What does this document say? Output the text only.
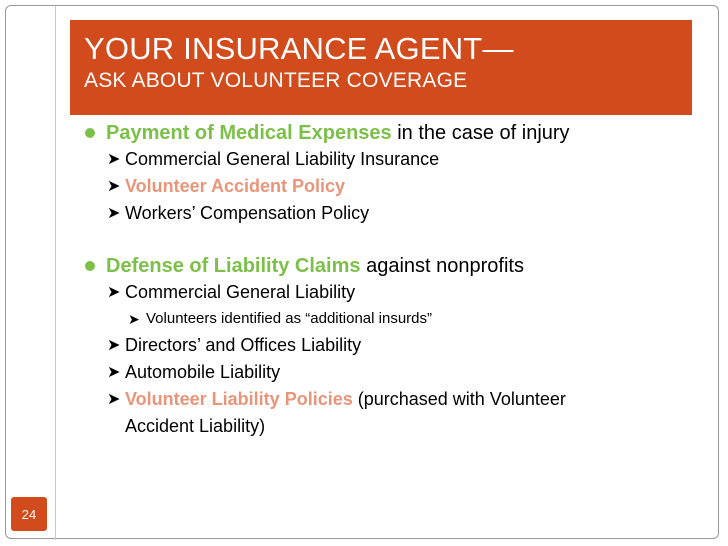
YOUR INSURANCE AGENT—
ASK ABOUT VOLUNTEER COVERAGE
Payment of Medical Expenses in the case of injury
➤ Commercial General Liability Insurance
➤ Volunteer Accident Policy
➤ Workers’ Compensation Policy
Defense of Liability Claims against nonprofits
➤ Commercial General Liability
➤ Volunteers identified as “additional insurds”
➤ Directors’ and Offices Liability
➤ Automobile Liability
➤ Volunteer Liability Policies (purchased with Volunteer
Accident Liability)
24
